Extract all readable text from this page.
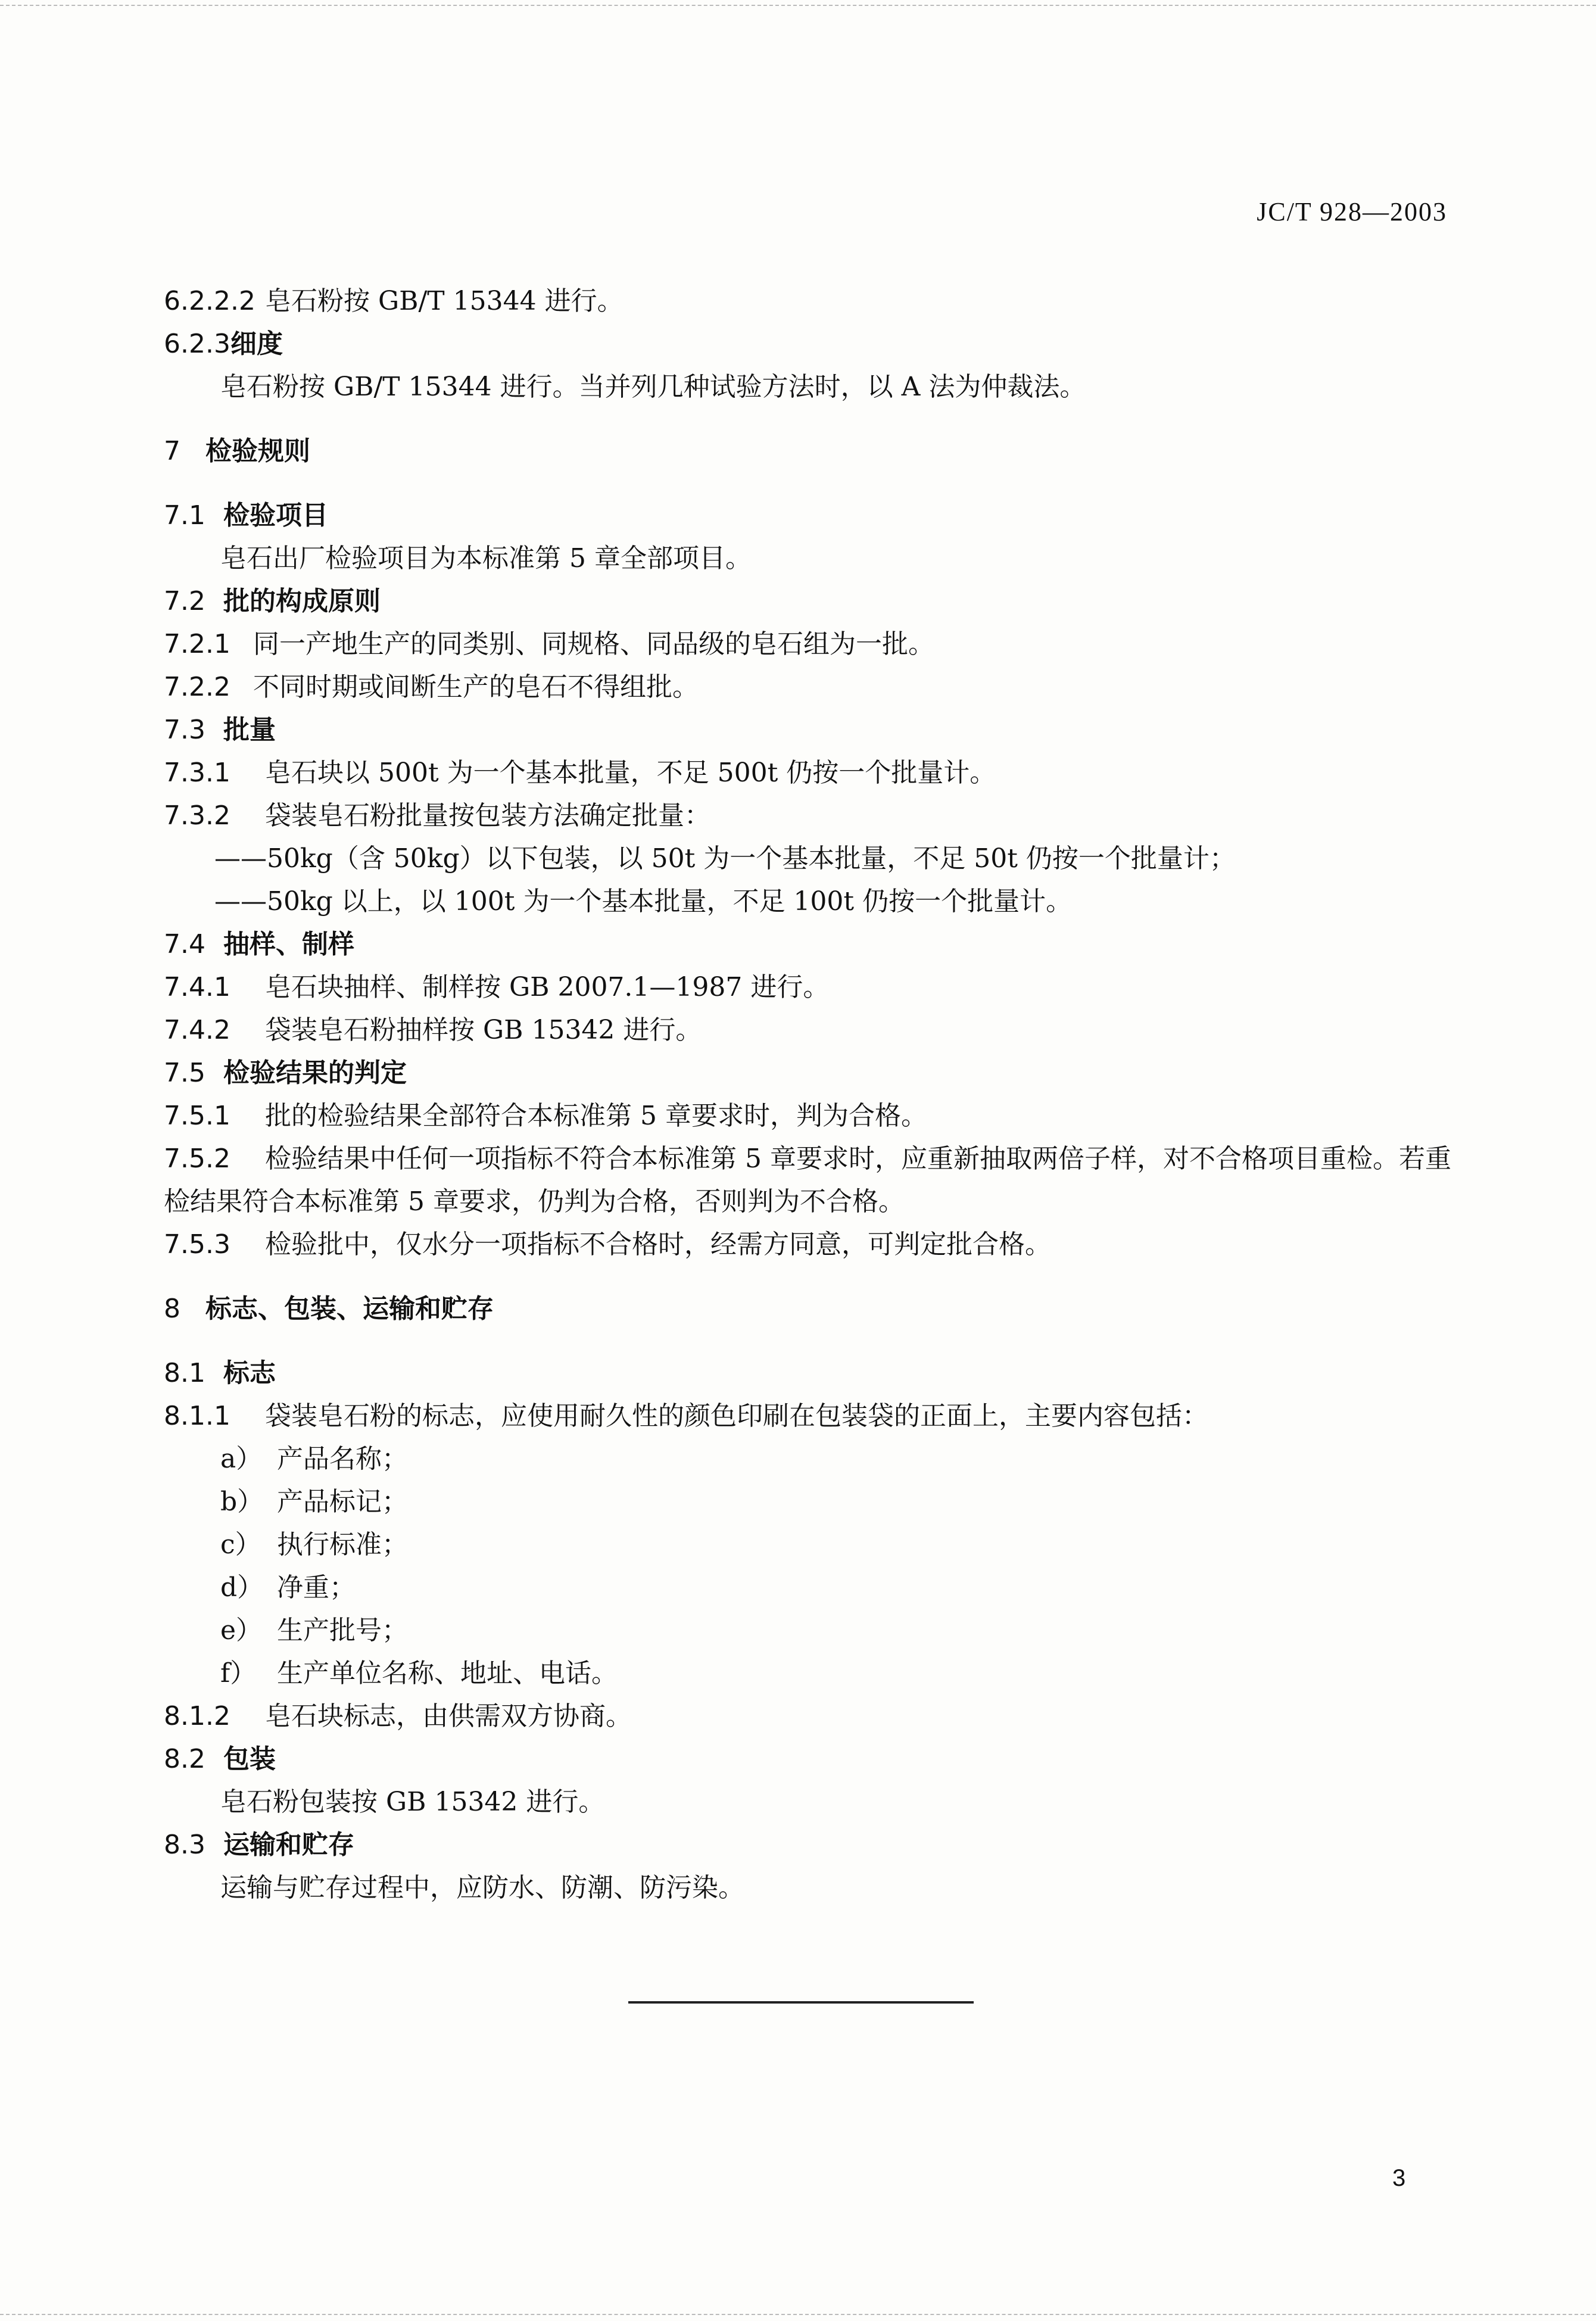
JC/T 928—2003
6.2.2.2 皂石粉按 GB/T 15344 进行。
6.2.3细度
皂石粉按 GB/T 15344 进行。当并列几种试验方法时，以 A 法为仲裁法。
7 检验规则
7.1 检验项目
皂石出厂检验项目为本标准第 5 章全部项目。
7.2 批的构成原则
7.2.1 同一产地生产的同类别、同规格、同品级的皂石组为一批。
7.2.2 不同时期或间断生产的皂石不得组批。
7.3 批量
7.3.1 皂石块以 500t 为一个基本批量，不足 500t 仍按一个批量计。
7.3.2 袋装皂石粉批量按包装方法确定批量：
——50kg（含 50kg）以下包装，以 50t 为一个基本批量，不足 50t 仍按一个批量计；
——50kg 以上，以 100t 为一个基本批量，不足 100t 仍按一个批量计。
7.4 抽样、制样
7.4.1 皂石块抽样、制样按 GB 2007.1—1987 进行。
7.4.2 袋装皂石粉抽样按 GB 15342 进行。
7.5 检验结果的判定
7.5.1 批的检验结果全部符合本标准第 5 章要求时，判为合格。
7.5.2 检验结果中任何一项指标不符合本标准第 5 章要求时，应重新抽取两倍子样，对不合格项目重检。若重检结果符合本标准第 5 章要求，仍判为合格，否则判为不合格。
7.5.3 检验批中，仅水分一项指标不合格时，经需方同意，可判定批合格。
8 标志、包装、运输和贮存
8.1 标志
8.1.1 袋装皂石粉的标志，应使用耐久性的颜色印刷在包装袋的正面上，主要内容包括：
a） 产品名称；
b） 产品标记；
c） 执行标准；
d） 净重；
e） 生产批号；
f） 生产单位名称、地址、电话。
8.1.2 皂石块标志，由供需双方协商。
8.2 包装
皂石粉包装按 GB 15342 进行。
8.3 运输和贮存
运输与贮存过程中，应防水、防潮、防污染。
3
